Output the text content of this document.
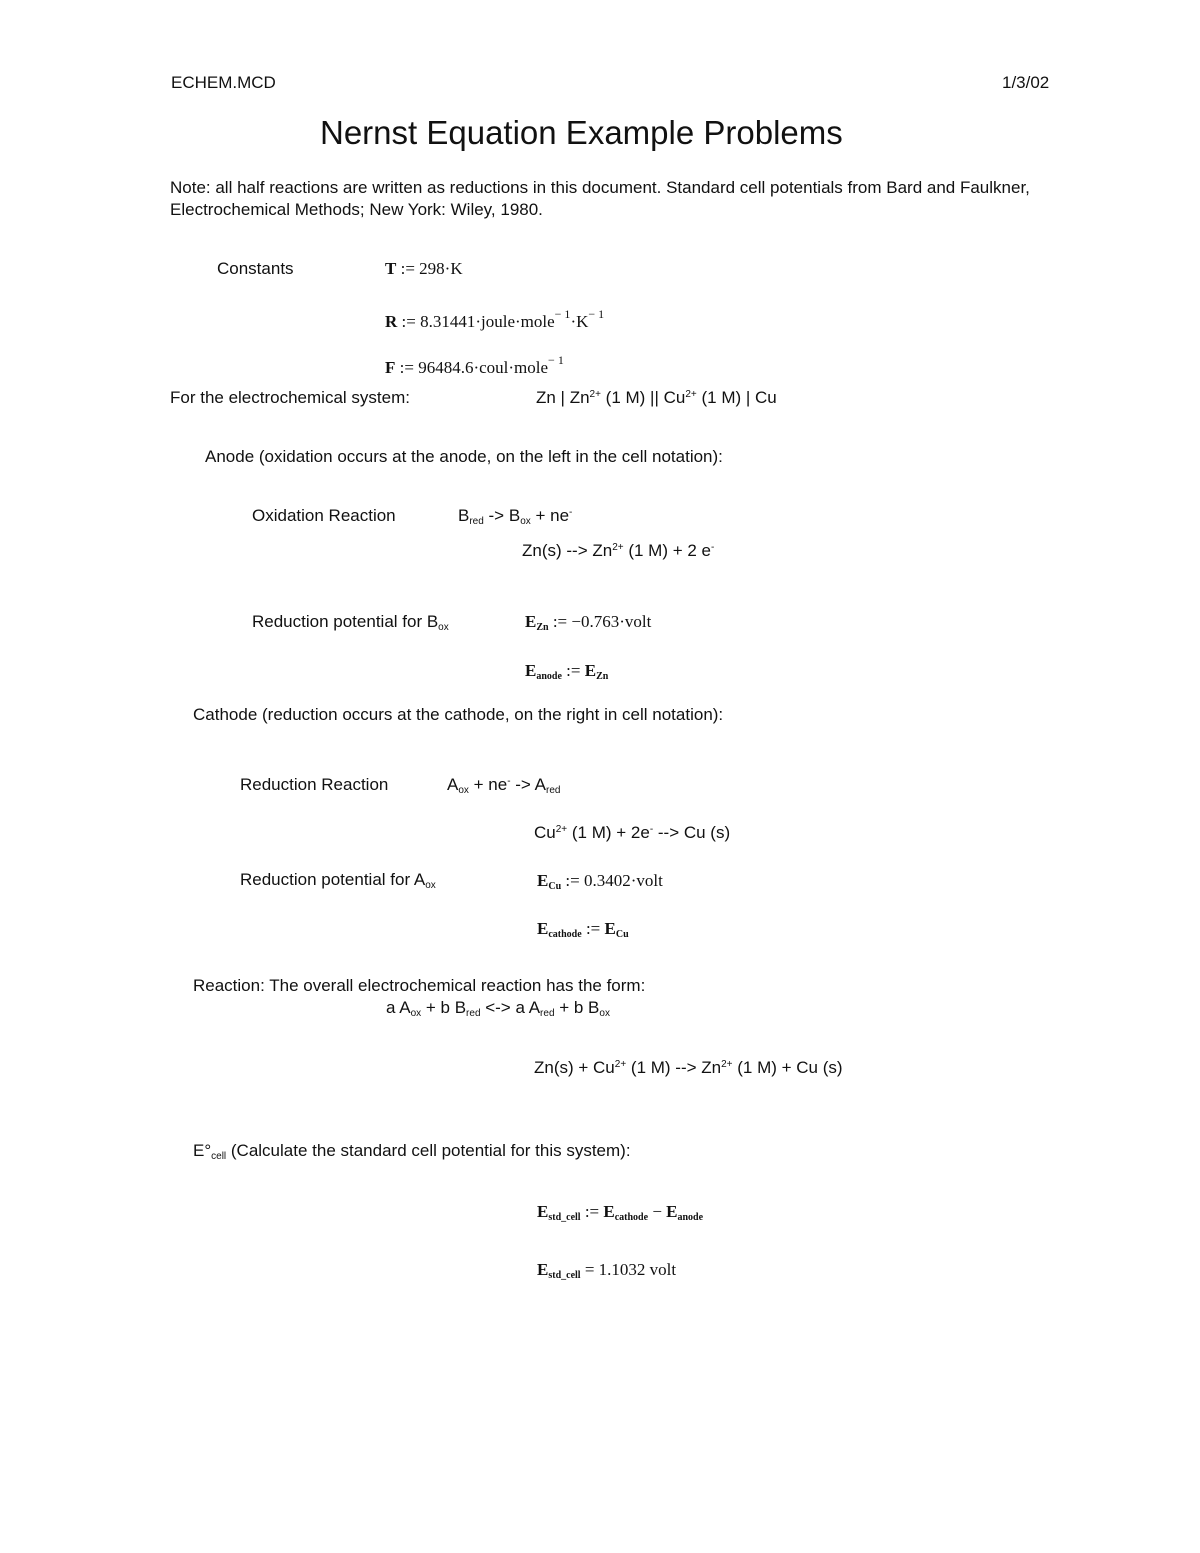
ECHEM.MCD	1/3/02
Nernst Equation Example Problems
Note: all half reactions are written as reductions in this document. Standard cell potentials from Bard and Faulkner, Electrochemical Methods; New York: Wiley, 1980.
Constants	T := 298·K
R := $8.31441\cdot joule\cdot mole^{- 1}\cdot K^{- 1}$
F := 96484.6·coul·mole$^{- 1}$
For the electrochemical system:	Zn | $Zn^{2+}$ (1 M) || $Cu^{2+}$ (1 M) | Cu
Anode (oxidation occurs at the anode, on the left in the cell notation):
Oxidation Reaction	$B_{red} -> B_{ox} + ne^-$
Zn(s) --> $Zn^{2+}$ (1 M) + 2 e-
Reduction potential for $B_{ox}$	$E_{Zn}$ := −0.763·volt
$E_{anode}$ := $E_{Zn}$
Cathode (reduction occurs at the cathode, on the right in cell notation):
Reduction Reaction	$A_{ox} + ne^- -> A_{red}$
$Cu^{2+}$ (1 M) + 2e- --> Cu (s)
Reduction potential for $A_{ox}$	$E_{Cu}$ := 0.3402·volt
$E_{cathode}$ := $E_{Cu}$
Reaction: The overall electrochemical reaction has the form:
a $A_{ox} + b$ $B_{red}$ <-> a $A_{red} + b$ $B_{ox}$
$Zn(s) + Cu^{2+}$ (1 M) --> $Zn^{2+}$ (1 M) + Cu (s)
$E^\circ_{cell}$ (Calculate the standard cell potential for this system):
$E_{std\_cell}$ := $E_{cathode} - E_{anode}$
$E_{std\_cell} = 1.1032$ volt
